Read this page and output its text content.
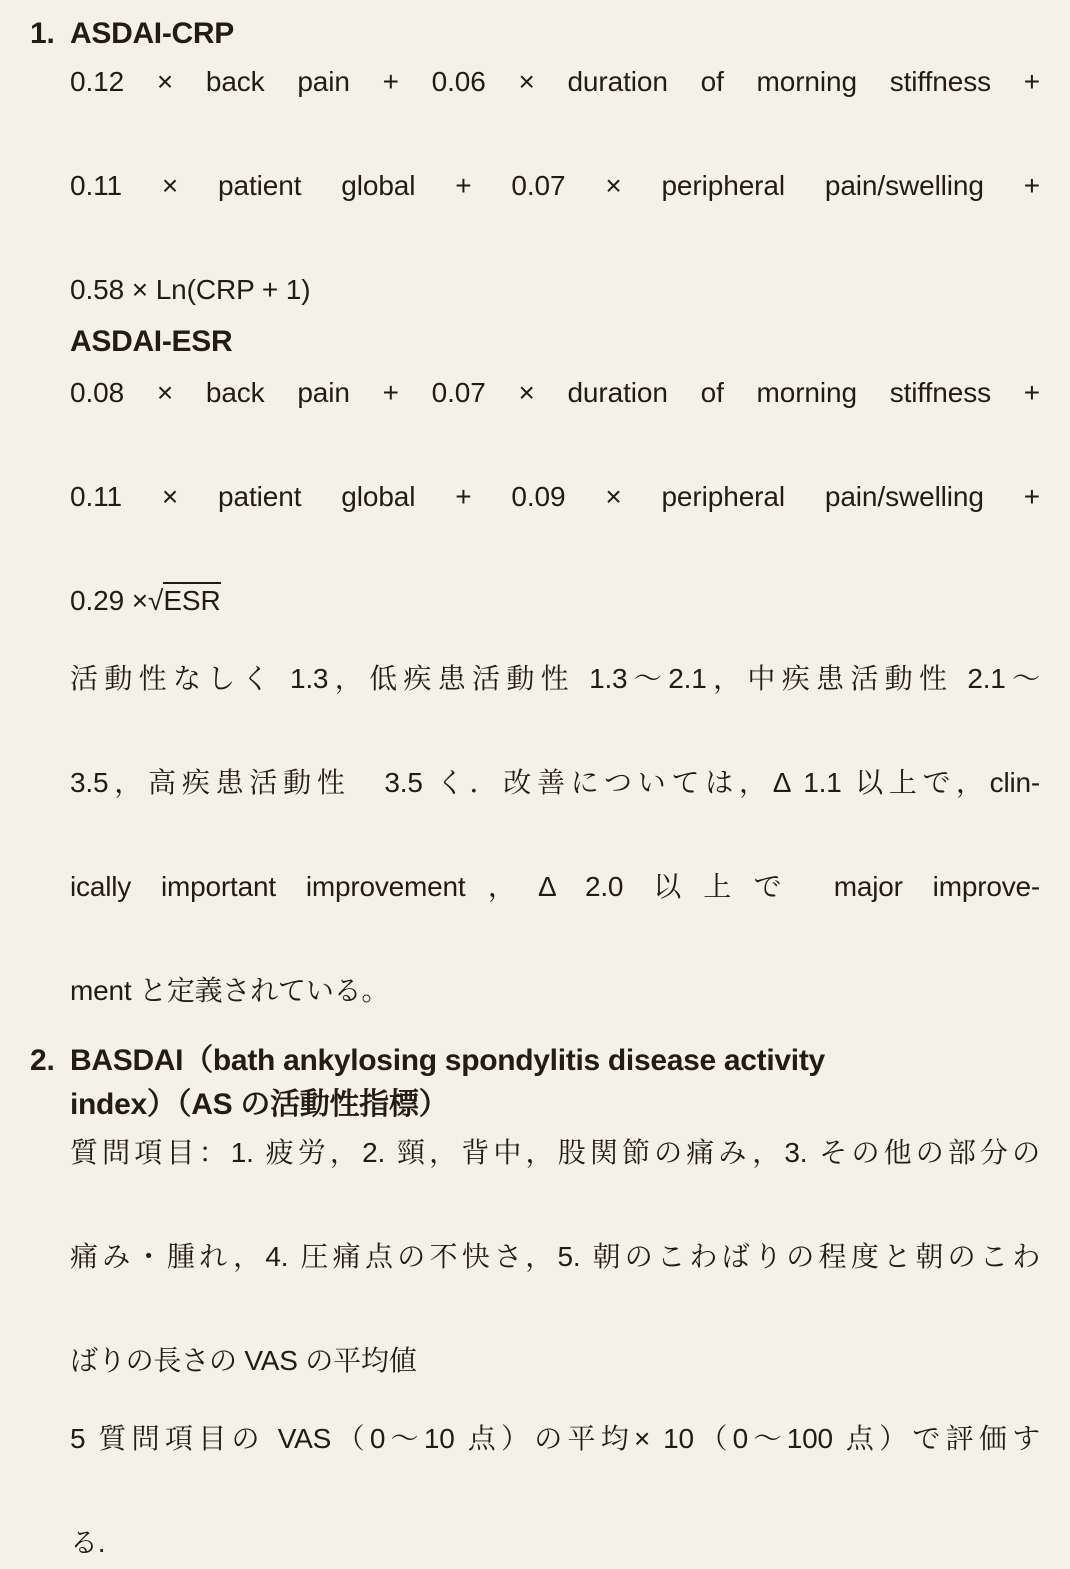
1. ASDAI-CRP

0.12 × back pain + 0.06 × duration of morning stiffness +

0.11 × patient global + 0.07 × peripheral pain/swelling +

0.58 × Ln(CRP + 1)

ASDAI-ESR

0.08 × back pain + 0.07 × duration of morning stiffness +

0.11 × patient global + 0.09 × peripheral pain/swelling +

0.29 ×√ESR

活動性なしく 1.3，低疾患活動性 1.3〜2.1，中疾患活動性 2.1〜

3.5，高疾患活動性　3.5 く．改善については，Δ 1.1 以上で，clin-

ically important improvement，Δ 2.0 以上で major improve-

ment と定義されている。

2. BASDAI（bath ankylosing spondylitis disease activity
index）（AS の活動性指標）

質問項目：1. 疲労，2. 頸，背中，股関節の痛み，3. その他の部分の

痛み・腫れ，4. 圧痛点の不快さ，5. 朝のこわばりの程度と朝のこわ

ばりの長さの VAS の平均値

5 質問項目の VAS（0〜10 点）の平均× 10（0〜100 点）で評価す

る.
